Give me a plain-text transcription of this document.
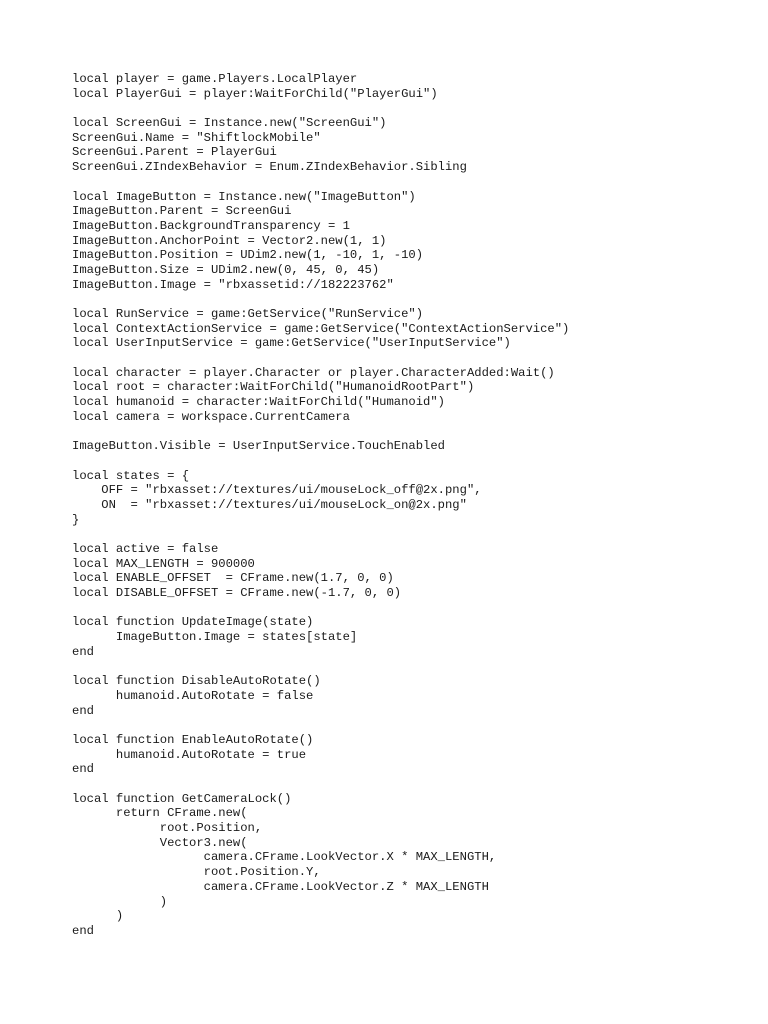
local player = game.Players.LocalPlayer
local PlayerGui = player:WaitForChild("PlayerGui")
local ScreenGui = Instance.new("ScreenGui")
ScreenGui.Name = "ShiftlockMobile"
ScreenGui.Parent = PlayerGui
ScreenGui.ZIndexBehavior = Enum.ZIndexBehavior.Sibling
local ImageButton = Instance.new("ImageButton")
ImageButton.Parent = ScreenGui
ImageButton.BackgroundTransparency = 1
ImageButton.AnchorPoint = Vector2.new(1, 1)
ImageButton.Position = UDim2.new(1, -10, 1, -10)
ImageButton.Size = UDim2.new(0, 45, 0, 45)
ImageButton.Image = "rbxassetid://182223762"
local RunService = game:GetService("RunService")
local ContextActionService = game:GetService("ContextActionService")
local UserInputService = game:GetService("UserInputService")
local character = player.Character or player.CharacterAdded:Wait()
local root = character:WaitForChild("HumanoidRootPart")
local humanoid = character:WaitForChild("Humanoid")
local camera = workspace.CurrentCamera
ImageButton.Visible = UserInputService.TouchEnabled
local states = {
OFF = "rbxasset://textures/ui/mouseLock_off@2x.png",
ON  = "rbxasset://textures/ui/mouseLock_on@2x.png"
}
local active = false
local MAX_LENGTH = 900000
local ENABLE_OFFSET  = CFrame.new(1.7, 0, 0)
local DISABLE_OFFSET = CFrame.new(-1.7, 0, 0)
local function UpdateImage(state)
ImageButton.Image = states[state]
end
local function DisableAutoRotate()
humanoid.AutoRotate = false
end
local function EnableAutoRotate()
humanoid.AutoRotate = true
end
local function GetCameraLock()
return CFrame.new(
root.Position,
Vector3.new(
camera.CFrame.LookVector.X * MAX_LENGTH,
root.Position.Y,
camera.CFrame.LookVector.Z * MAX_LENGTH
)
)
end
